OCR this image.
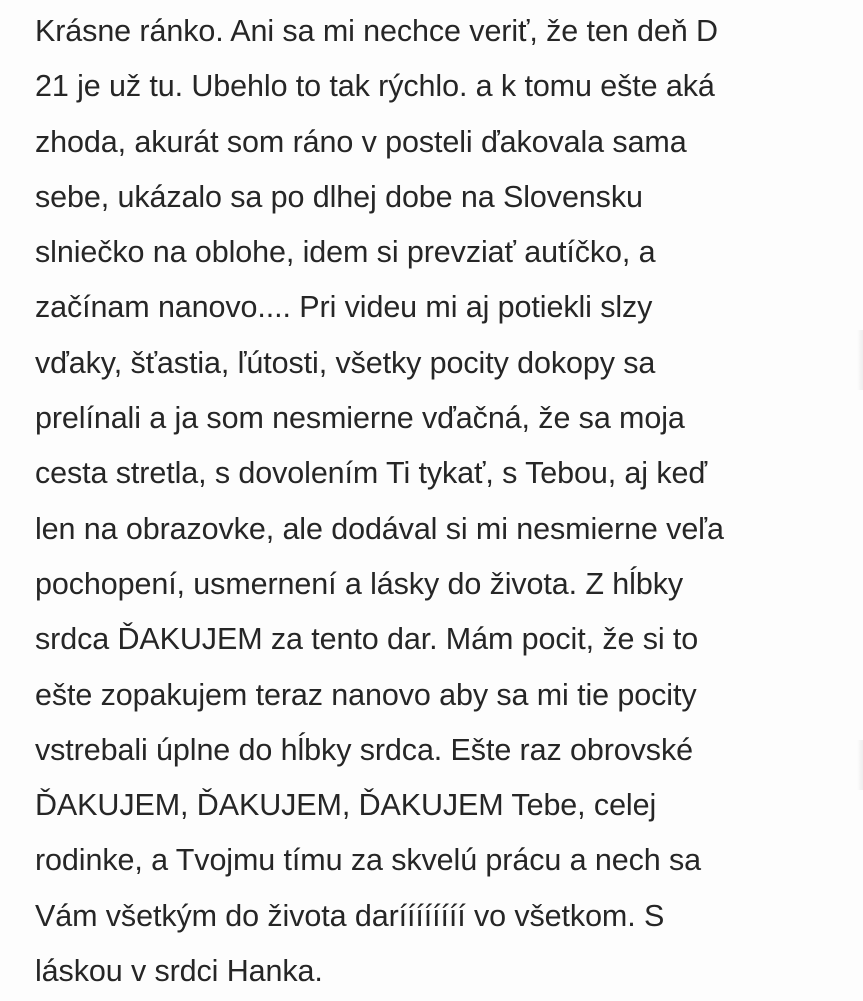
Krásne ránko. Ani sa mi nechce veriť, že ten deň D
21 je už tu. Ubehlo to tak rýchlo. a k tomu ešte aká
zhoda, akurát som ráno v posteli ďakovala sama
sebe, ukázalo sa po dlhej dobe na Slovensku
slniečko na oblohe, idem si prevziať autíčko, a
začínam nanovo.... Pri videu mi aj potiekli slzy
vďaky, šťastia, ľútosti, všetky pocity dokopy sa
prelínali a ja som nesmierne vďačná, že sa moja
cesta stretla, s dovolením Ti tykať, s Tebou, aj keď
len na obrazovke, ale dodával si mi nesmierne veľa
pochopení, usmernení a lásky do života. Z hĺbky
srdca ĎAKUJEM za tento dar. Mám pocit, že si to
ešte zopakujem teraz nanovo aby sa mi tie pocity
vstrebali úplne do hĺbky srdca. Ešte raz obrovské
ĎAKUJEM, ĎAKUJEM, ĎAKUJEM Tebe, celej
rodinke, a Tvojmu tímu za skvelú prácu a nech sa
Vám všetkým do života daríííííííí vo všetkom. S
láskou v srdci Hanka.
